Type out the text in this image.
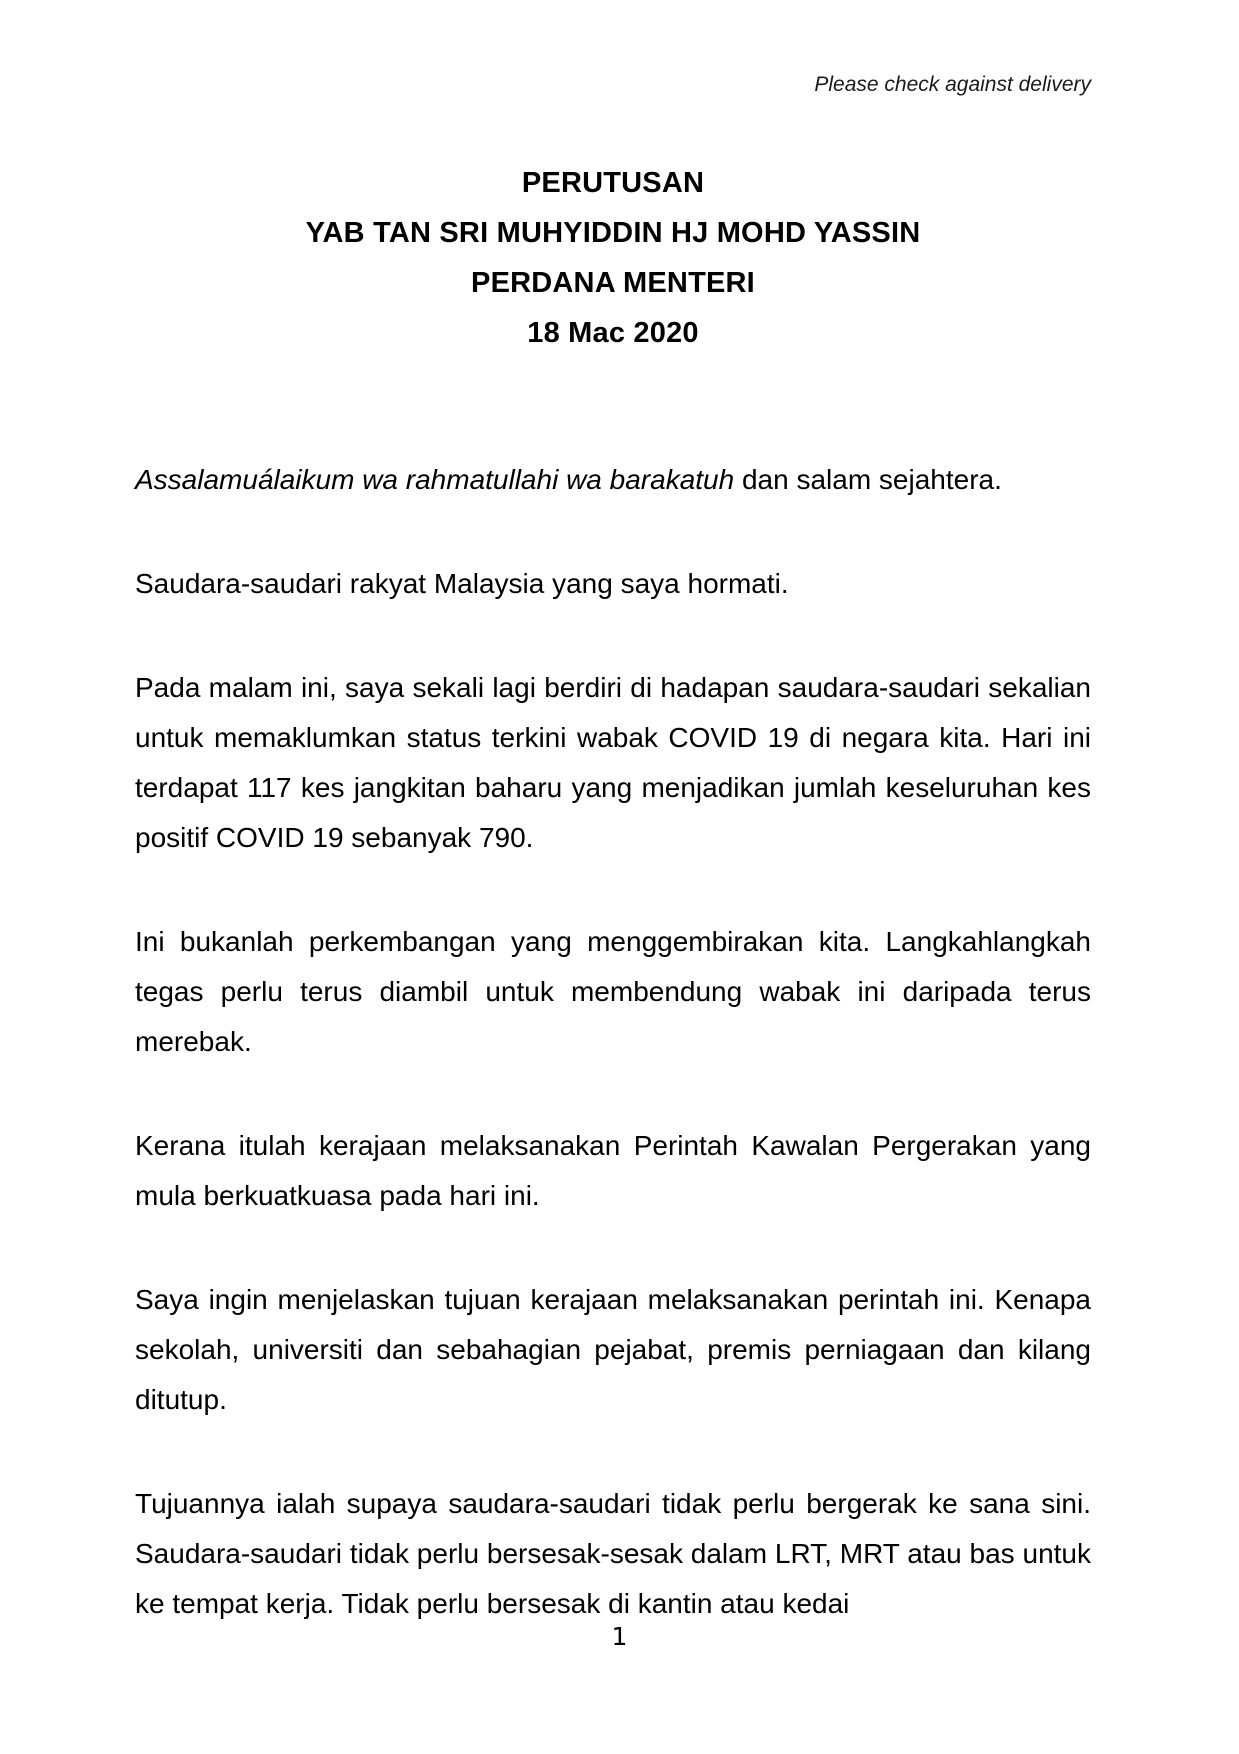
Please check against delivery
PERUTUSAN
YAB TAN SRI MUHYIDDIN HJ MOHD YASSIN
PERDANA MENTERI
18 Mac 2020

Assalamuálaikum wa rahmatullahi wa barakatuh dan salam sejahtera.

Saudara-saudari rakyat Malaysia yang saya hormati.

Pada malam ini, saya sekali lagi berdiri di hadapan saudara-saudari sekalian untuk memaklumkan status terkini wabak COVID 19 di negara kita. Hari ini terdapat 117 kes jangkitan baharu yang menjadikan jumlah keseluruhan kes positif COVID 19 sebanyak 790.

Ini bukanlah perkembangan yang menggembirakan kita. Langkahlangkah tegas perlu terus diambil untuk membendung wabak ini daripada terus merebak.

Kerana itulah kerajaan melaksanakan Perintah Kawalan Pergerakan yang mula berkuatkuasa pada hari ini.

Saya ingin menjelaskan tujuan kerajaan melaksanakan perintah ini. Kenapa sekolah, universiti dan sebahagian pejabat, premis perniagaan dan kilang ditutup.

Tujuannya ialah supaya saudara-saudari tidak perlu bergerak ke sana sini. Saudara-saudari tidak perlu bersesak-sesak dalam LRT, MRT atau bas untuk ke tempat kerja. Tidak perlu bersesak di kantin atau kedai

1
